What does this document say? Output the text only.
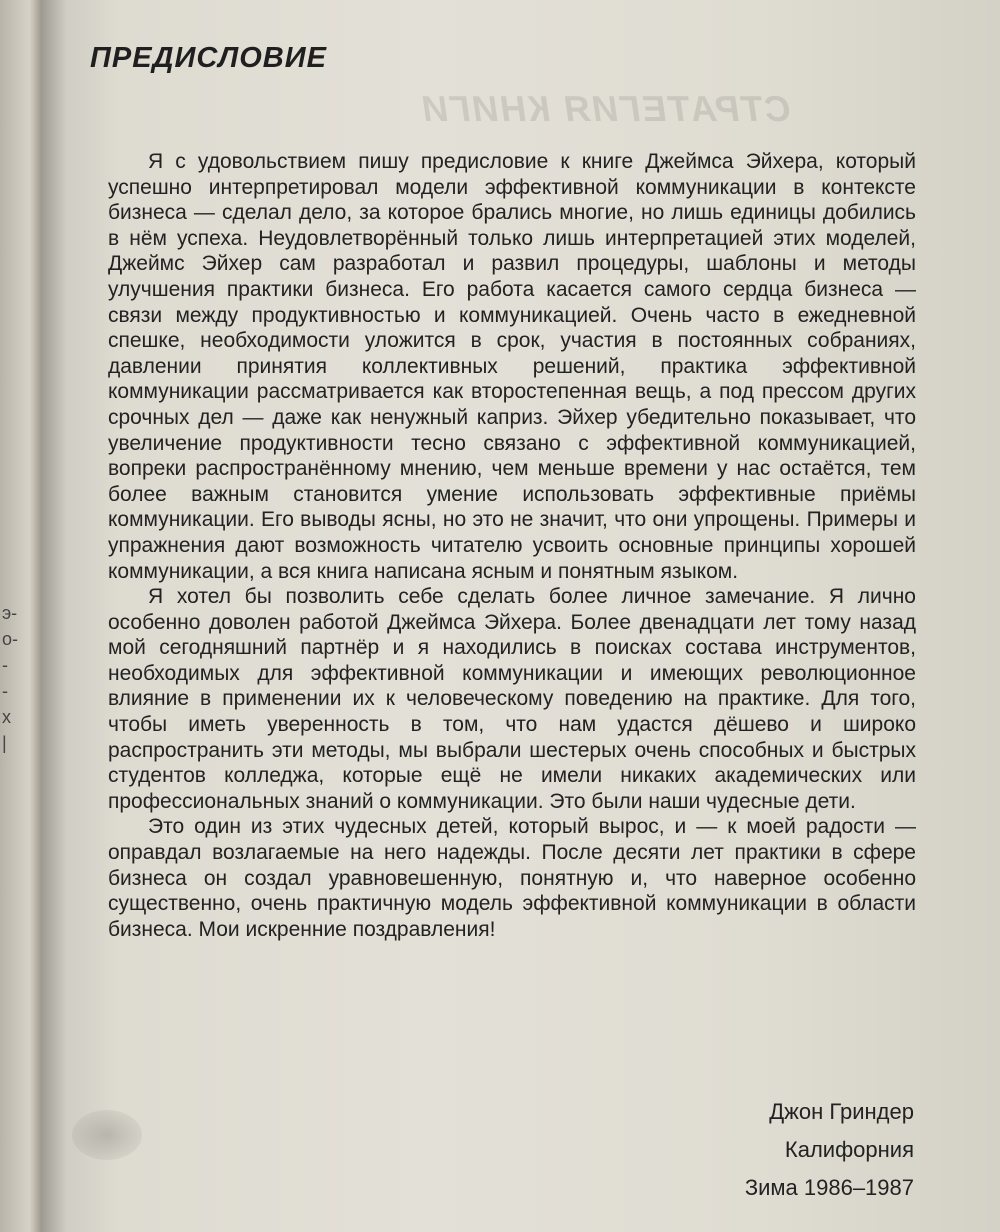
э-
о-
-
-
х
|
СТРАТЕГИЯ КНИГИ
ПРЕДИСЛОВИЕ

Я с удовольствием пишу предисловие к книге Джеймса Эйхера, который успешно интерпретировал модели эффективной коммуникации в контексте бизнеса — сделал дело, за которое брались многие, но лишь единицы добились в нём успеха. Неудовлетворённый только лишь интерпретацией этих моделей, Джеймс Эйхер сам разработал и развил процедуры, шаблоны и методы улучшения практики бизнеса. Его работа касается самого сердца бизнеса — связи между продуктивностью и коммуникацией. Очень часто в ежедневной спешке, необходимости уложится в срок, участия в постоянных собраниях, давлении принятия коллективных решений, практика эффективной коммуникации рассматривается как второстепенная вещь, а под прессом других срочных дел — даже как ненужный каприз. Эйхер убедительно показывает, что увеличение продуктивности тесно связано с эффективной коммуникацией, вопреки распространённому мнению, чем меньше времени у нас остаётся, тем более важным становится умение использовать эффективные приёмы коммуникации. Его выводы ясны, но это не значит, что они упрощены. Примеры и упражнения дают возможность читателю усвоить основные принципы хорошей коммуникации, а вся книга написана ясным и понятным языком.

Я хотел бы позволить себе сделать более личное замечание. Я лично особенно доволен работой Джеймса Эйхера. Более двенадцати лет тому назад мой сегодняшний партнёр и я находились в поисках состава инструментов, необходимых для эффективной коммуникации и имеющих революционное влияние в применении их к человеческому поведению на практике. Для того, чтобы иметь уверенность в том, что нам удастся дёшево и широко распространить эти методы, мы выбрали шестерых очень способных и быстрых студентов колледжа, которые ещё не имели никаких академических или профессиональных знаний о коммуникации. Это были наши чудесные дети.

Это один из этих чудесных детей, который вырос, и — к моей радости — оправдал возлагаемые на него надежды. После десяти лет практики в сфере бизнеса он создал уравновешенную, понятную и, что наверное особенно существенно, очень практичную модель эффективной коммуникации в области бизнеса. Мои искренние поздравления!

Джон Гриндер
Калифорния
Зима 1986–1987
